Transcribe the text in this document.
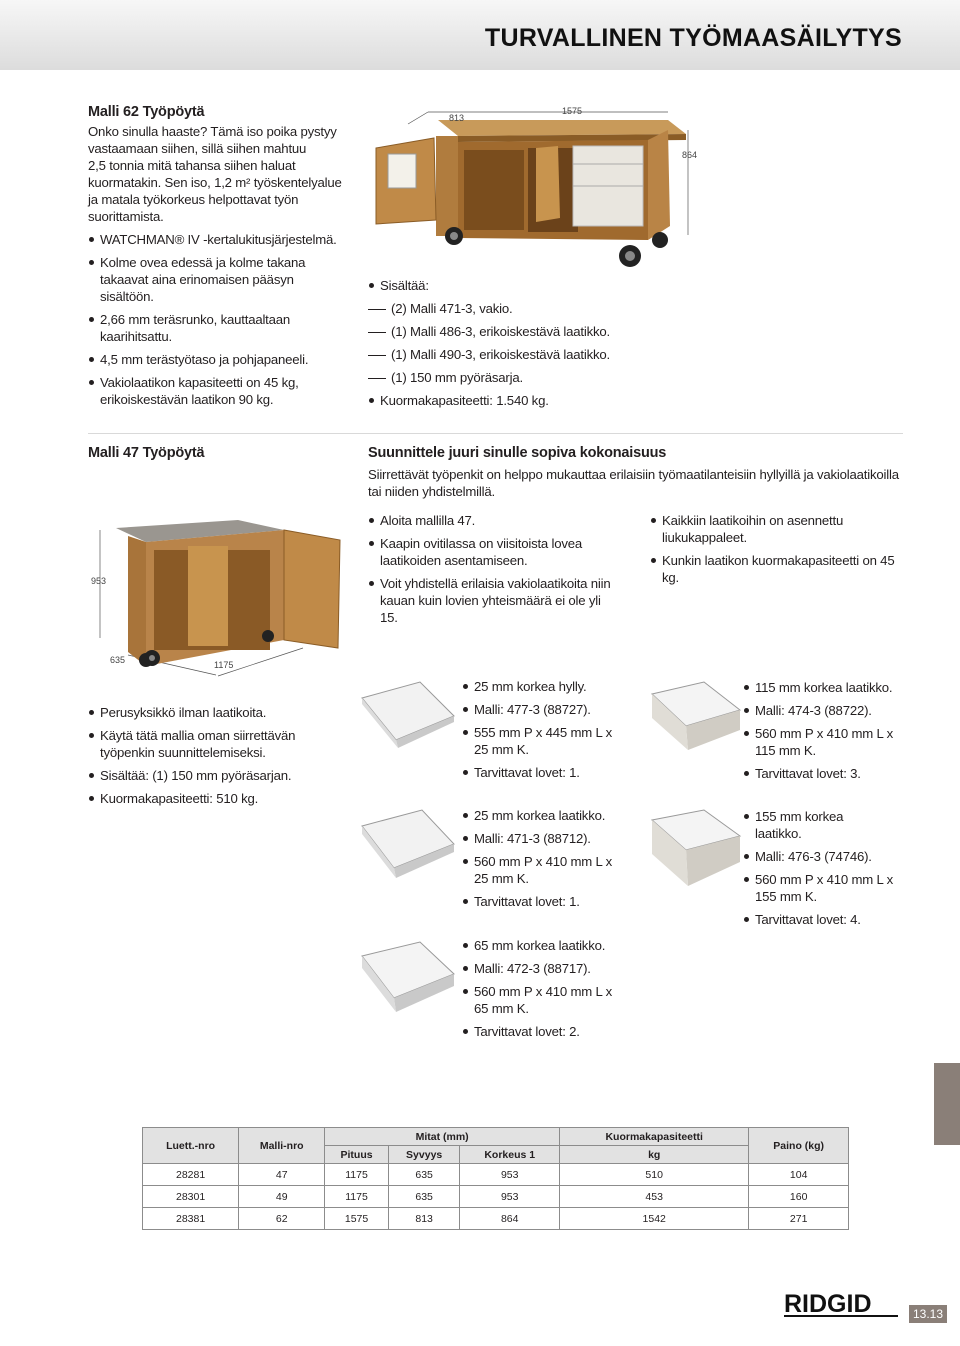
TURVALLINEN TYÖMAASÄILYTYS
Malli 62 Työpöytä
Onko sinulla haaste? Tämä iso poika pystyy
vastaamaan siihen, sillä siihen mahtuu
2,5 tonnia mitä tahansa siihen haluat
kuormatakin. Sen iso, 1,2 m² työskentelyalue
ja matala työkorkeus helpottavat työn
suorittamista.
WATCHMAN® IV -kertalukitusjärjestelmä.
Kolme ovea edessä ja kolme takana takaavat aina erinomaisen pääsyn sisältöön.
2,66 mm teräsrunko, kauttaaltaan kaarihitsattu.
4,5 mm terästyötaso ja pohjapaneeli.
Vakiolaatikon kapasiteetti on 45 kg, erikoiskestävän laatikon 90 kg.
813
1575
864
Sisältää:
(2) Malli 471-3, vakio.
(1) Malli 486-3, erikoiskestävä laatikko.
(1) Malli 490-3, erikoiskestävä laatikko.
(1) 150 mm pyöräsarja.
Kuormakapasiteetti: 1.540 kg.
Malli 47 Työpöytä
953
635	1175
Perusyksikkö ilman laatikoita.
Käytä tätä mallia oman siirrettävän työpenkin suunnittelemiseksi.
Sisältää: (1) 150 mm pyöräsarjan.
Kuormakapasiteetti: 510 kg.
Suunnittele juuri sinulle sopiva kokonaisuus
Siirrettävät työpenkit on helppo mukauttaa erilaisiin työmaatilanteisiin hyllyillä ja vakiolaatikoilla tai niiden yhdistelmillä.
Aloita mallilla 47.
Kaapin ovitilassa on viisitoista lovea laatikoiden asentamiseen.
Voit yhdistellä erilaisia vakiolaatikoita niin kauan kuin lovien yhteismäärä ei ole yli 15.
Kaikkiin laatikoihin on asennettu liukukappaleet.
Kunkin laatikon kuormakapasiteetti on 45 kg.
25 mm korkea hylly.
Malli: 477-3 (88727).
555 mm P x 445 mm L x 25 mm K.
Tarvittavat lovet: 1.
25 mm korkea laatikko.
Malli: 471-3 (88712).
560 mm P x 410 mm L x 25 mm K.
Tarvittavat lovet: 1.
65 mm korkea laatikko.
Malli: 472-3 (88717).
560 mm P x 410 mm L x 65 mm K.
Tarvittavat lovet: 2.
115 mm korkea laatikko.
Malli: 474-3 (88722).
560 mm P x 410 mm L x 115 mm K.
Tarvittavat lovet: 3.
155 mm korkea laatikko.
Malli: 476-3 (74746).
560 mm P x 410 mm L x 155 mm K.
Tarvittavat lovet: 4.
Luett.-nro	Malli-nro	Mitat (mm)			Kuormakapasiteetti	Paino (kg)
		Pituus	Syvyys	Korkeus 1	kg	
28281	47	1175	635	953	510	104
28301	49	1175	635	953	453	160
28381	62	1575	813	864	1542	271
RIDGID	13.13
